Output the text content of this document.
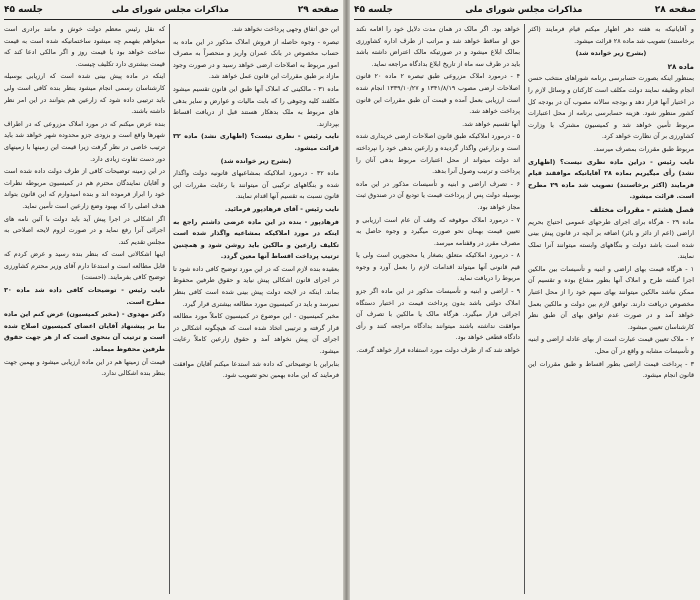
صفحه ۲۹
مذاکرات مجلس شورای ملی
جلسه ۴۵

این حق اتفاق وجهی پرداخت نخواهد شد.

تبصره - وجوه حاصله از فروش املاک مذکور در این ماده به حساب مخصوص در بانک عمران واریز و منحصراً به مصرف امور مربوط به اصلاحات ارضی خواهد رسید و در صورت وجود مازاد بر طبق مقررات این قانون عمل خواهد شد.

ماده ۳۱ - مالکینی که املاک آنها طبق این قانون تقسیم میشود مکلفند کلیه وجوهی را که بابت مالیات و عوارض و سایر بدهی های مربوط به ملک بدهکار هستند قبل از دریافت اقساط بپردازند.

نایب رئیس - نظری نیست؟ (اظهاری نشد) ماده ۳۲ قرائت میشود.

(بشرح زیر خوانده شد)

ماده ۳۲ - درمورد املاکیکه بمشاعیهای قانونیه دولت واگذار شده و بنگاههای ترکیبی آن میتوانند با رعایت مقررات این قانون نسبت به تقسیم آنها اقدام نمایند.

نایب رئیس - آقای فرهادپور فرمائید.

فرهادپور - بنده در این ماده عرضی داشتم راجع به اینکه در مورد املاکیکه بمشاعیه واگذار شده است تکلیف زارعین و مالکین باید روشن شود و همچنین ترتیب پرداخت اقساط آنها معین گردد.

بعقیده بنده لازم است که در این مورد توضیح کافی داده شود تا در اجرای قانون اشکالی پیش نیاید و حقوق طرفین محفوظ بماند. اینکه در لایحه دولت پیش بینی شده است کافی بنظر نمیرسد و باید در کمیسیون مورد مطالعه بیشتری قرار گیرد.

مخبر کمیسیون - این موضوع در کمیسیون کاملاً مورد مطالعه قرار گرفته و ترتیبی اتخاذ شده است که هیچگونه اشکالی در اجرای آن پیش نخواهد آمد و حقوق زارعین کاملاً رعایت میشود.

بنابراین با توضیحاتی که داده شد استدعا میکنم آقایان موافقت فرمایند که این ماده بهمین نحو تصویب شود.

که نقل رئیس معظم دولت خوش و مانند برادری است میخواهم بفهمم چه میشود ساختمانیکه شده است به قیمت ساخت خواهد بود یا قیمت روز و اگر مالکی ادعا کند که قیمت بیشتری دارد تکلیف چیست.

اینکه در ماده پیش بینی شده است که ارزیابی بوسیله کارشناسان رسمی انجام میشود بنظر بنده کافی است ولی باید ترتیبی داده شود که زارعین هم بتوانند در این امر نظر داشته باشند.

بنده عرض میکنم که در مورد املاک مزروعی که در اطراف شهرها واقع است و بزودی جزو محدوده شهر خواهد شد باید ترتیب خاصی در نظر گرفت زیرا قیمت این زمینها با زمینهای دور دست تفاوت زیادی دارد.

در این زمینه توضیحات کافی از طرف دولت داده شده است و آقایان نمایندگان محترم هم در کمیسیون مربوطه نظرات خود را ابراز فرموده اند و بنده امیدوارم که این قانون بتواند هدف اصلی را که بهبود وضع زارعین است تأمین نماید.

اگر اشکالی در اجرا پیش آید باید دولت با آئین نامه های اجرائی آنرا رفع نماید و در صورت لزوم لایحه اصلاحی به مجلس تقدیم کند.

اینها اشکالاتی است که بنظر بنده رسید و عرض کردم که قابل مطالعه است و استدعا دارم آقای وزیر محترم کشاورزی توضیح کافی بفرمایند. (احسنت)

نایب رئیس - توضیحات کافی داده شد ماده ۳۰ مطرح است.

دکتر مهدوی - (مخبر کمیسیون) عرض کنم این ماده بنا بر پیشنهاد آقایان اعضای کمیسیون اصلاح شده است و ترتیب آن بنحوی است که از هر جهت حقوق طرفین محفوظ میماند.

قیمت آن زمینها هم در این ماده ارزیابی میشود و بهمین جهت بنظر بنده اشکالی ندارد.

صفحه ۲۸
مذاکرات مجلس شورای ملی
جلسه ۴۵

و آقایانیکه به هفته دهر اظهار میکنم قیام فرمایند (اکثر برخاستند) تصویب شد ماده ۲۸ قرائت میشود.

(بشرح زیر خوانده شد)

ماده ۲۸

بمنظور اینکه بصورت حسابرسی برنامه شوراهای منتخب حسن انجام وظیفه نمایند دولت مکلف است کارکنان و وسائل لازم را در اختیار آنها قرار دهد و بودجه سالانه مصوب آن در بودجه کل کشور منظور شود. هزینه حسابرسی برنامه از محل اعتبارات مربوط تأمین خواهد شد و کمیسیون مشترک با وزارت کشاورزی بر آن نظارت خواهد کرد.

مربوط طبق مقررات بمصرف میرسد.

نایب رئیس - دراین ماده نظری نیست؟ (اظهاری نشد) رأی میگیریم بماده ۲۸ آقایانیکه موافقند قیام فرمایند (اکثر برخاستند) تصویب شد ماده ۲۹ مطرح است. قرائت میشود.

فصل هشتم - مقررات مختلف

ماده ۲۹ - هرگاه برای اجرای طرحهای عمومی احتیاج بحریم اراضی (اعم از دائر و بائر) اضافه بر آنچه در قانون پیش بینی شده است باشد دولت و بنگاههای وابسته میتوانند آنرا تملک نمایند.

۱ - هرگاه قیمت بهای اراضی و ابنیه و تأسیسات بین مالکین اجرا گشته طرح و املاک آنها بطور مشاع بوده و تقسیم آن ممکن نباشد مالکین میتوانند بهای سهم خود را از محل اعتبار مخصوص دریافت دارند. توافق لازم بین دولت و مالکین بعمل خواهد آمد و در صورت عدم توافق بهای آن طبق نظر کارشناسان تعیین میشود.

۲ - ملاک تعیین قیمت عبارت است از بهای عادله اراضی و ابنیه و تأسیسات مشابه و واقع در آن محل.

۳ - پرداخت قیمت اراضی بطور اقساط و طبق مقررات این قانون انجام میشود.

خواهد بود. اگر مالک در همان مدت دلایل خود را اقامه نکند حق او ساقط خواهد شد و مراتب از طرف اداره کشاورزی بمالک ابلاغ میشود و در صورتیکه مالک اعتراض داشته باشد باید در ظرف سه ماه از تاریخ ابلاغ بدادگاه مراجعه نماید.

۴ - درمورد املاک مزروعی طبق تبصره ۲ ماده ۲۰ قانون اصلاحات ارضی مصوب ۱۳۴۱/۸/۱۹ و ۱۳۳۹/۱۰/۲۷ انجام شده است ارزیابی بعمل آمده و قیمت آن طبق مقررات این قانون پرداخت خواهد شد.

آنها تقسیم خواهد شد.

۵ - درمورد املاکیکه طبق قانون اصلاحات ارضی خریداری شده است و بزارعین واگذار گردیده و زارعین بدهی خود را نپرداخته اند دولت میتواند از محل اعتبارات مربوط بدهی آنان را پرداخت و ترتیب وصول آنرا بدهد.

۶ - تصرف اراضی و ابنیه و تأسیسات مذکور در این ماده بوسیله دولت پس از پرداخت قیمت یا تودیع آن در صندوق ثبت مجاز خواهد بود.

۷ - درمورد املاک موقوفه که وقف آن عام است ارزیابی و تعیین قیمت بهمان نحو صورت میگیرد و وجوه حاصل به مصرف مقرر در وقفنامه میرسد.

۸ - درمورد املاکیکه متعلق بصغار یا محجورین است ولی یا قیم قانونی آنها میتواند اقدامات لازم را بعمل آورد و وجوه مربوط را دریافت نماید.

۹ - اراضی و ابنیه و تأسیسات مذکور در این ماده اگر جزو املاک دولتی باشد بدون پرداخت قیمت در اختیار دستگاه اجرائی قرار میگیرد. هرگاه مالک یا مالکین با تصرف آن موافقت نداشته باشند میتوانند بدادگاه مراجعه کنند و رأی دادگاه قطعی خواهد بود.

خواهد شد که از طرف دولت مورد استفاده قرار خواهد گرفت.
